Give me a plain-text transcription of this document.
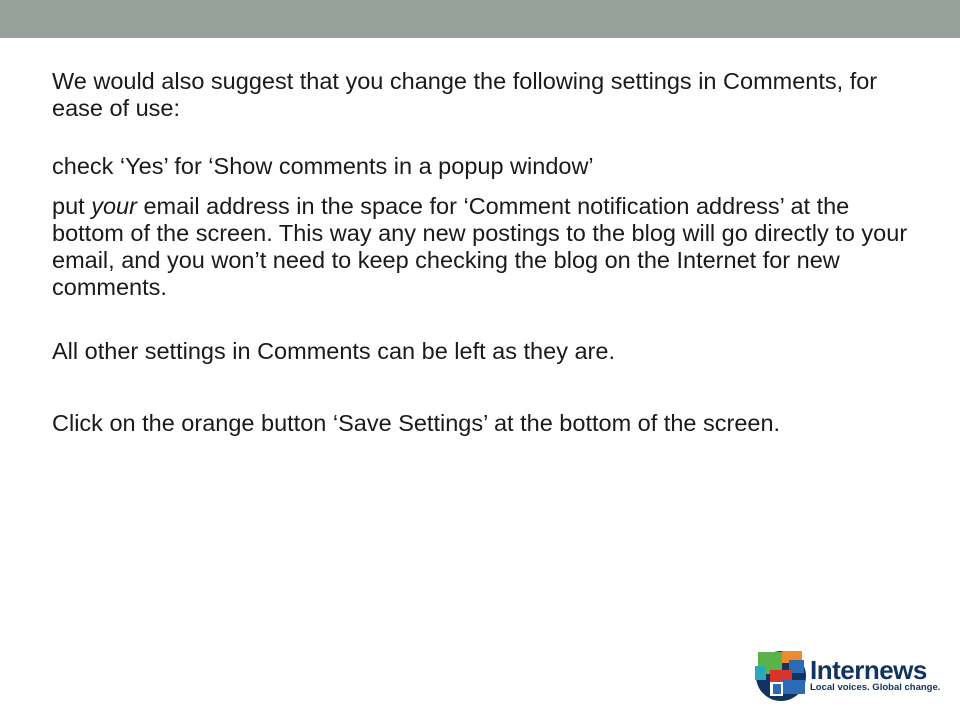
We would also suggest that you change the following settings in Comments, for ease of use:

check ‘Yes’ for ‘Show comments in a popup window’

put your email address in the space for ‘Comment notification address’ at the bottom of the screen. This way any new postings to the blog will go directly to your email, and you won’t need to keep checking the blog on the Internet for new comments.

All other settings in Comments can be left as they are.

Click on the orange button ‘Save Settings’ at the bottom of the screen.

Internews
Local voices. Global change.
